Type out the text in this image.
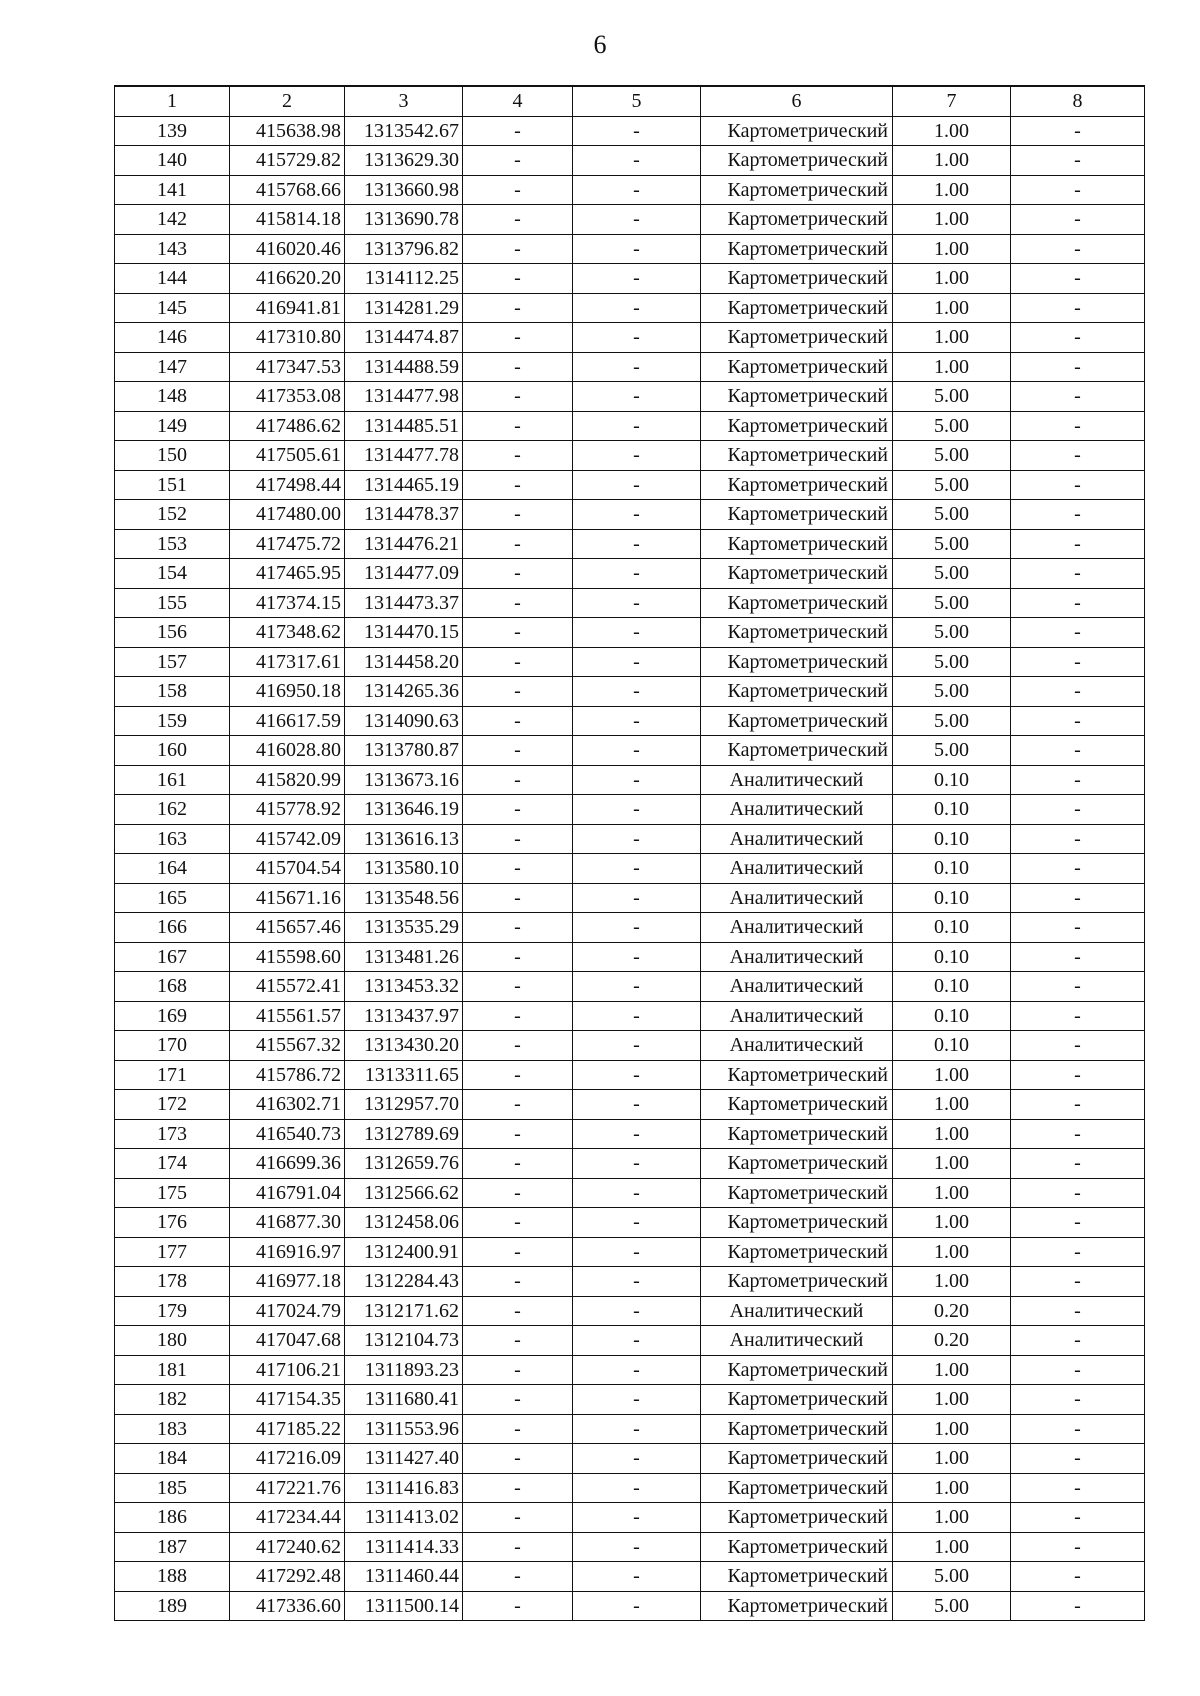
6
1	2	3	4	5	6	7	8
139	415638.98	1313542.67	-	-	Картометрический	1.00	-
140	415729.82	1313629.30	-	-	Картометрический	1.00	-
141	415768.66	1313660.98	-	-	Картометрический	1.00	-
142	415814.18	1313690.78	-	-	Картометрический	1.00	-
143	416020.46	1313796.82	-	-	Картометрический	1.00	-
144	416620.20	1314112.25	-	-	Картометрический	1.00	-
145	416941.81	1314281.29	-	-	Картометрический	1.00	-
146	417310.80	1314474.87	-	-	Картометрический	1.00	-
147	417347.53	1314488.59	-	-	Картометрический	1.00	-
148	417353.08	1314477.98	-	-	Картометрический	5.00	-
149	417486.62	1314485.51	-	-	Картометрический	5.00	-
150	417505.61	1314477.78	-	-	Картометрический	5.00	-
151	417498.44	1314465.19	-	-	Картометрический	5.00	-
152	417480.00	1314478.37	-	-	Картометрический	5.00	-
153	417475.72	1314476.21	-	-	Картометрический	5.00	-
154	417465.95	1314477.09	-	-	Картометрический	5.00	-
155	417374.15	1314473.37	-	-	Картометрический	5.00	-
156	417348.62	1314470.15	-	-	Картометрический	5.00	-
157	417317.61	1314458.20	-	-	Картометрический	5.00	-
158	416950.18	1314265.36	-	-	Картометрический	5.00	-
159	416617.59	1314090.63	-	-	Картометрический	5.00	-
160	416028.80	1313780.87	-	-	Картометрический	5.00	-
161	415820.99	1313673.16	-	-	Аналитический	0.10	-
162	415778.92	1313646.19	-	-	Аналитический	0.10	-
163	415742.09	1313616.13	-	-	Аналитический	0.10	-
164	415704.54	1313580.10	-	-	Аналитический	0.10	-
165	415671.16	1313548.56	-	-	Аналитический	0.10	-
166	415657.46	1313535.29	-	-	Аналитический	0.10	-
167	415598.60	1313481.26	-	-	Аналитический	0.10	-
168	415572.41	1313453.32	-	-	Аналитический	0.10	-
169	415561.57	1313437.97	-	-	Аналитический	0.10	-
170	415567.32	1313430.20	-	-	Аналитический	0.10	-
171	415786.72	1313311.65	-	-	Картометрический	1.00	-
172	416302.71	1312957.70	-	-	Картометрический	1.00	-
173	416540.73	1312789.69	-	-	Картометрический	1.00	-
174	416699.36	1312659.76	-	-	Картометрический	1.00	-
175	416791.04	1312566.62	-	-	Картометрический	1.00	-
176	416877.30	1312458.06	-	-	Картометрический	1.00	-
177	416916.97	1312400.91	-	-	Картометрический	1.00	-
178	416977.18	1312284.43	-	-	Картометрический	1.00	-
179	417024.79	1312171.62	-	-	Аналитический	0.20	-
180	417047.68	1312104.73	-	-	Аналитический	0.20	-
181	417106.21	1311893.23	-	-	Картометрический	1.00	-
182	417154.35	1311680.41	-	-	Картометрический	1.00	-
183	417185.22	1311553.96	-	-	Картометрический	1.00	-
184	417216.09	1311427.40	-	-	Картометрический	1.00	-
185	417221.76	1311416.83	-	-	Картометрический	1.00	-
186	417234.44	1311413.02	-	-	Картометрический	1.00	-
187	417240.62	1311414.33	-	-	Картометрический	1.00	-
188	417292.48	1311460.44	-	-	Картометрический	5.00	-
189	417336.60	1311500.14	-	-	Картометрический	5.00	-
